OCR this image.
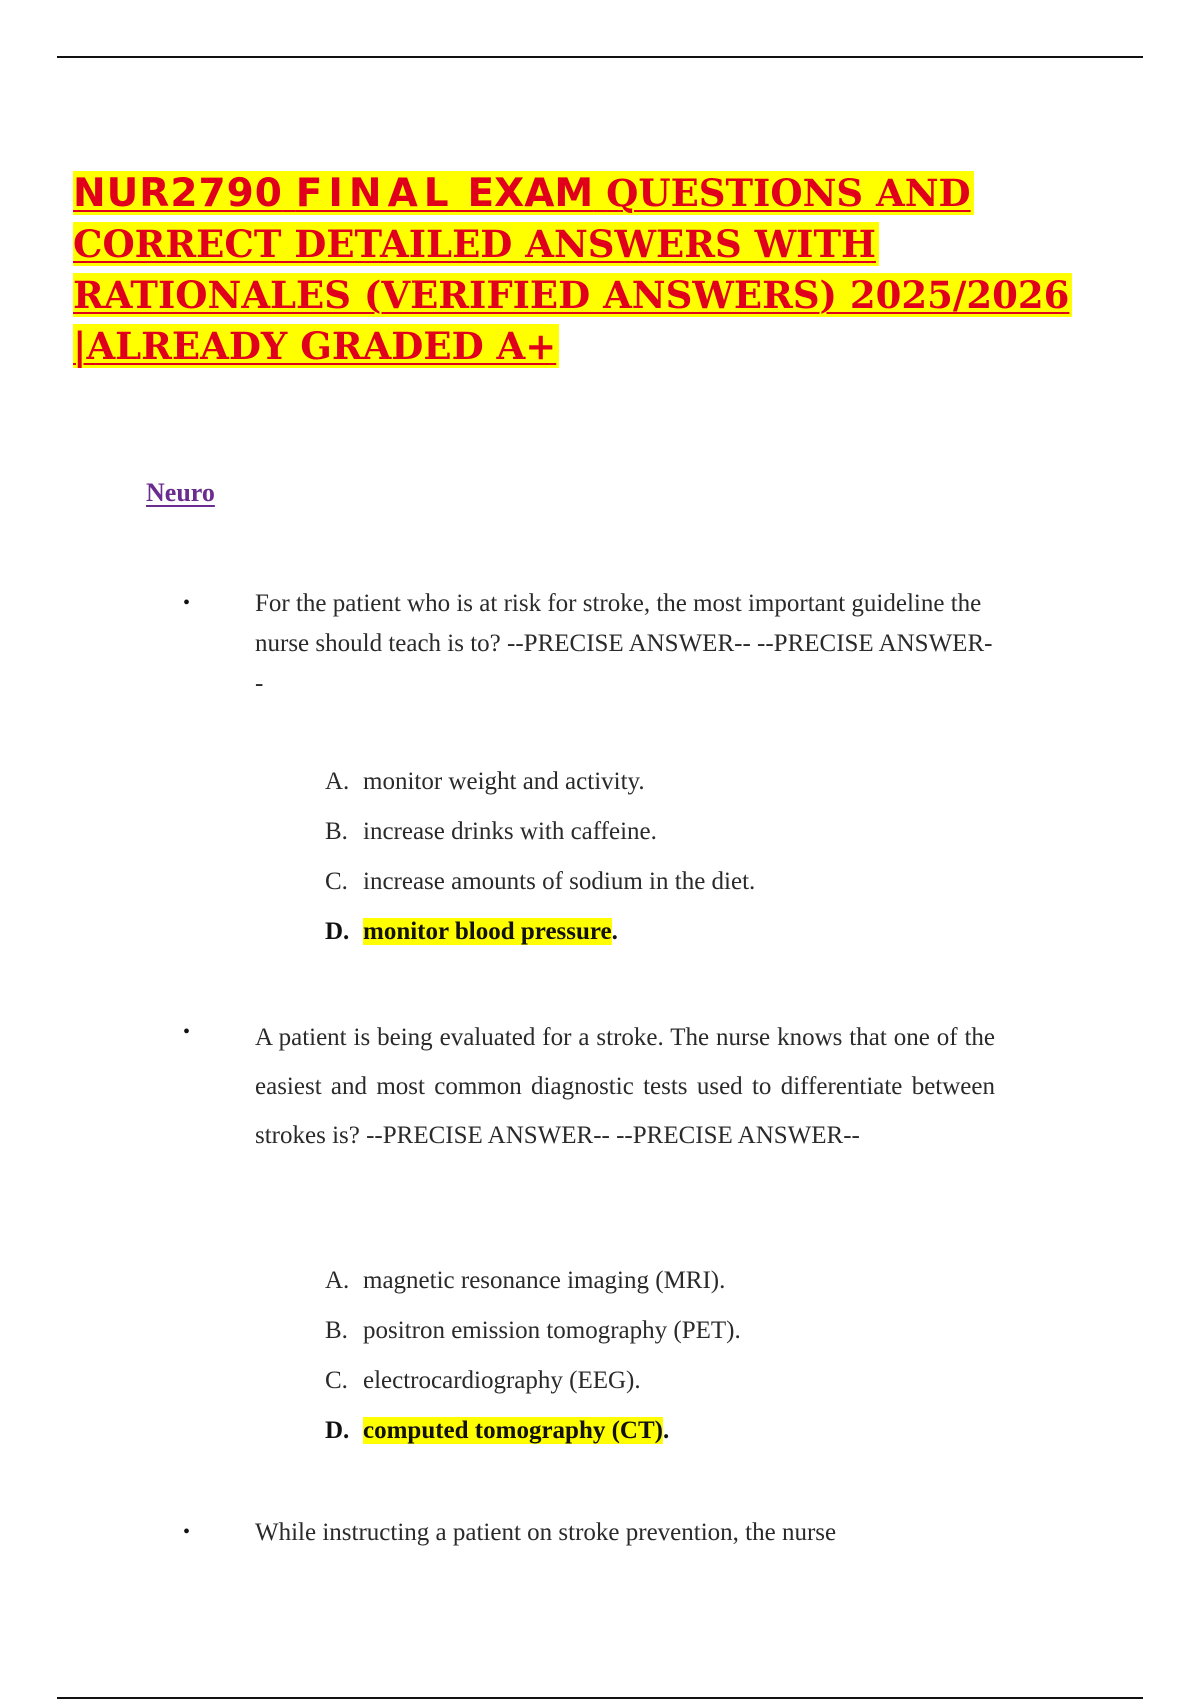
NUR2790 FINAL EXAM QUESTIONS AND CORRECT DETAILED ANSWERS WITH RATIONALES (VERIFIED ANSWERS) 2025/2026 |ALREADY GRADED A+
Neuro
•	For the patient who is at risk for stroke, the most important guideline the nurse should teach is to? --PRECISE ANSWER-- --PRECISE ANSWER--

A. monitor weight and activity.
B. increase drinks with caffeine.
C. increase amounts of sodium in the diet.
D. monitor blood pressure.
•	A patient is being evaluated for a stroke. The nurse knows that one of the easiest and most common diagnostic tests used to differentiate between strokes is? --PRECISE ANSWER-- --PRECISE ANSWER--

A. magnetic resonance imaging (MRI).
B. positron emission tomography (PET).
C. electrocardiography (EEG).
D. computed tomography (CT).
•	While instructing a patient on stroke prevention, the nurse
